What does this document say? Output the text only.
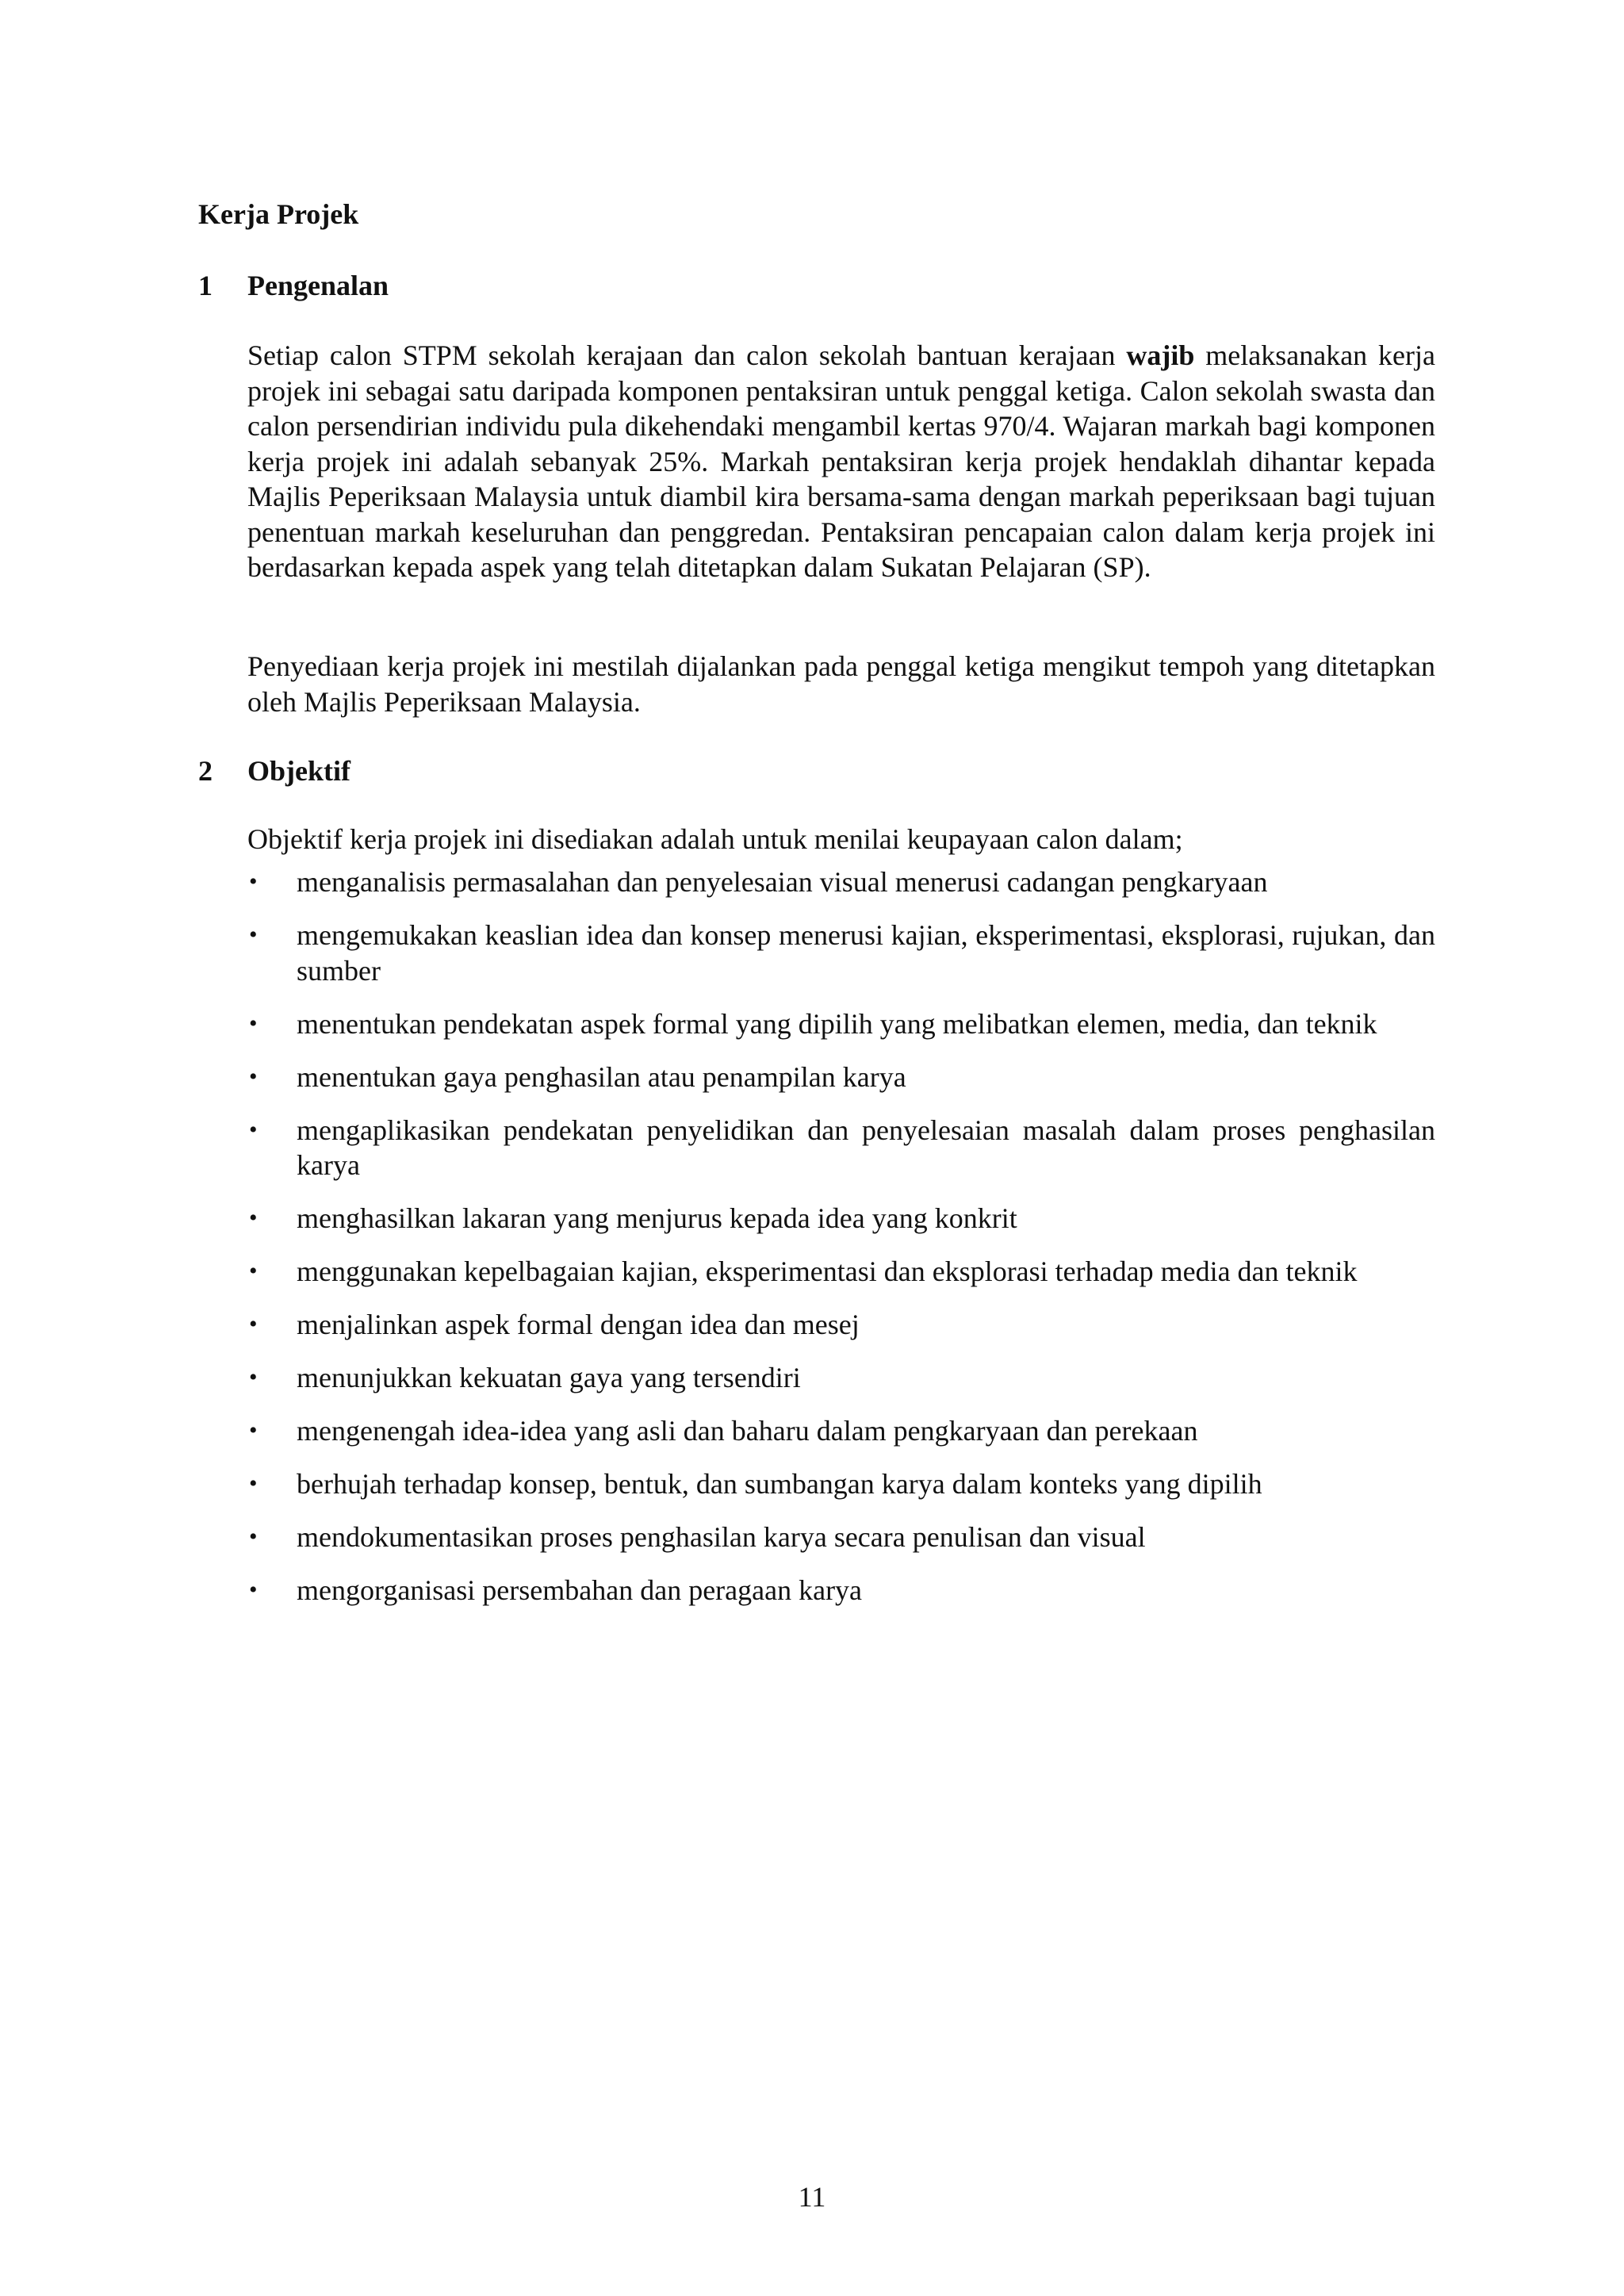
Kerja Projek
1	Pengenalan

Setiap calon STPM sekolah kerajaan dan calon sekolah bantuan kerajaan wajib melaksanakan kerja projek ini sebagai satu daripada komponen pentaksiran untuk penggal ketiga. Calon sekolah swasta dan calon persendirian individu pula dikehendaki mengambil kertas 970/4. Wajaran markah bagi komponen kerja projek ini adalah sebanyak 25%. Markah pentaksiran kerja projek hendaklah dihantar kepada Majlis Peperiksaan Malaysia untuk diambil kira bersama-sama dengan markah peperiksaan bagi tujuan penentuan markah keseluruhan dan penggredan. Pentaksiran pencapaian calon dalam kerja projek ini berdasarkan kepada aspek yang telah ditetapkan dalam Sukatan Pelajaran (SP).

Penyediaan kerja projek ini mestilah dijalankan pada penggal ketiga mengikut tempoh yang ditetapkan oleh Majlis Peperiksaan Malaysia.

2	Objektif

Objektif kerja projek ini disediakan adalah untuk menilai keupayaan calon dalam;

•	menganalisis permasalahan dan penyelesaian visual menerusi cadangan pengkaryaan
•	mengemukakan keaslian idea dan konsep menerusi kajian, eksperimentasi, eksplorasi, rujukan, dan sumber
•	menentukan pendekatan aspek formal yang dipilih yang melibatkan elemen, media, dan teknik
•	menentukan gaya penghasilan atau penampilan karya
•	mengaplikasikan pendekatan penyelidikan dan penyelesaian masalah dalam proses penghasilan karya
•	menghasilkan lakaran yang menjurus kepada idea yang konkrit
•	menggunakan kepelbagaian kajian, eksperimentasi dan eksplorasi terhadap media dan teknik
•	menjalinkan aspek formal dengan idea dan mesej
•	menunjukkan kekuatan gaya yang tersendiri
•	mengenengah idea-idea yang asli dan baharu dalam pengkaryaan dan perekaan
•	berhujah terhadap konsep, bentuk, dan sumbangan karya dalam konteks yang dipilih
•	mendokumentasikan proses penghasilan karya secara penulisan dan visual
•	mengorganisasi persembahan dan peragaan karya

11
